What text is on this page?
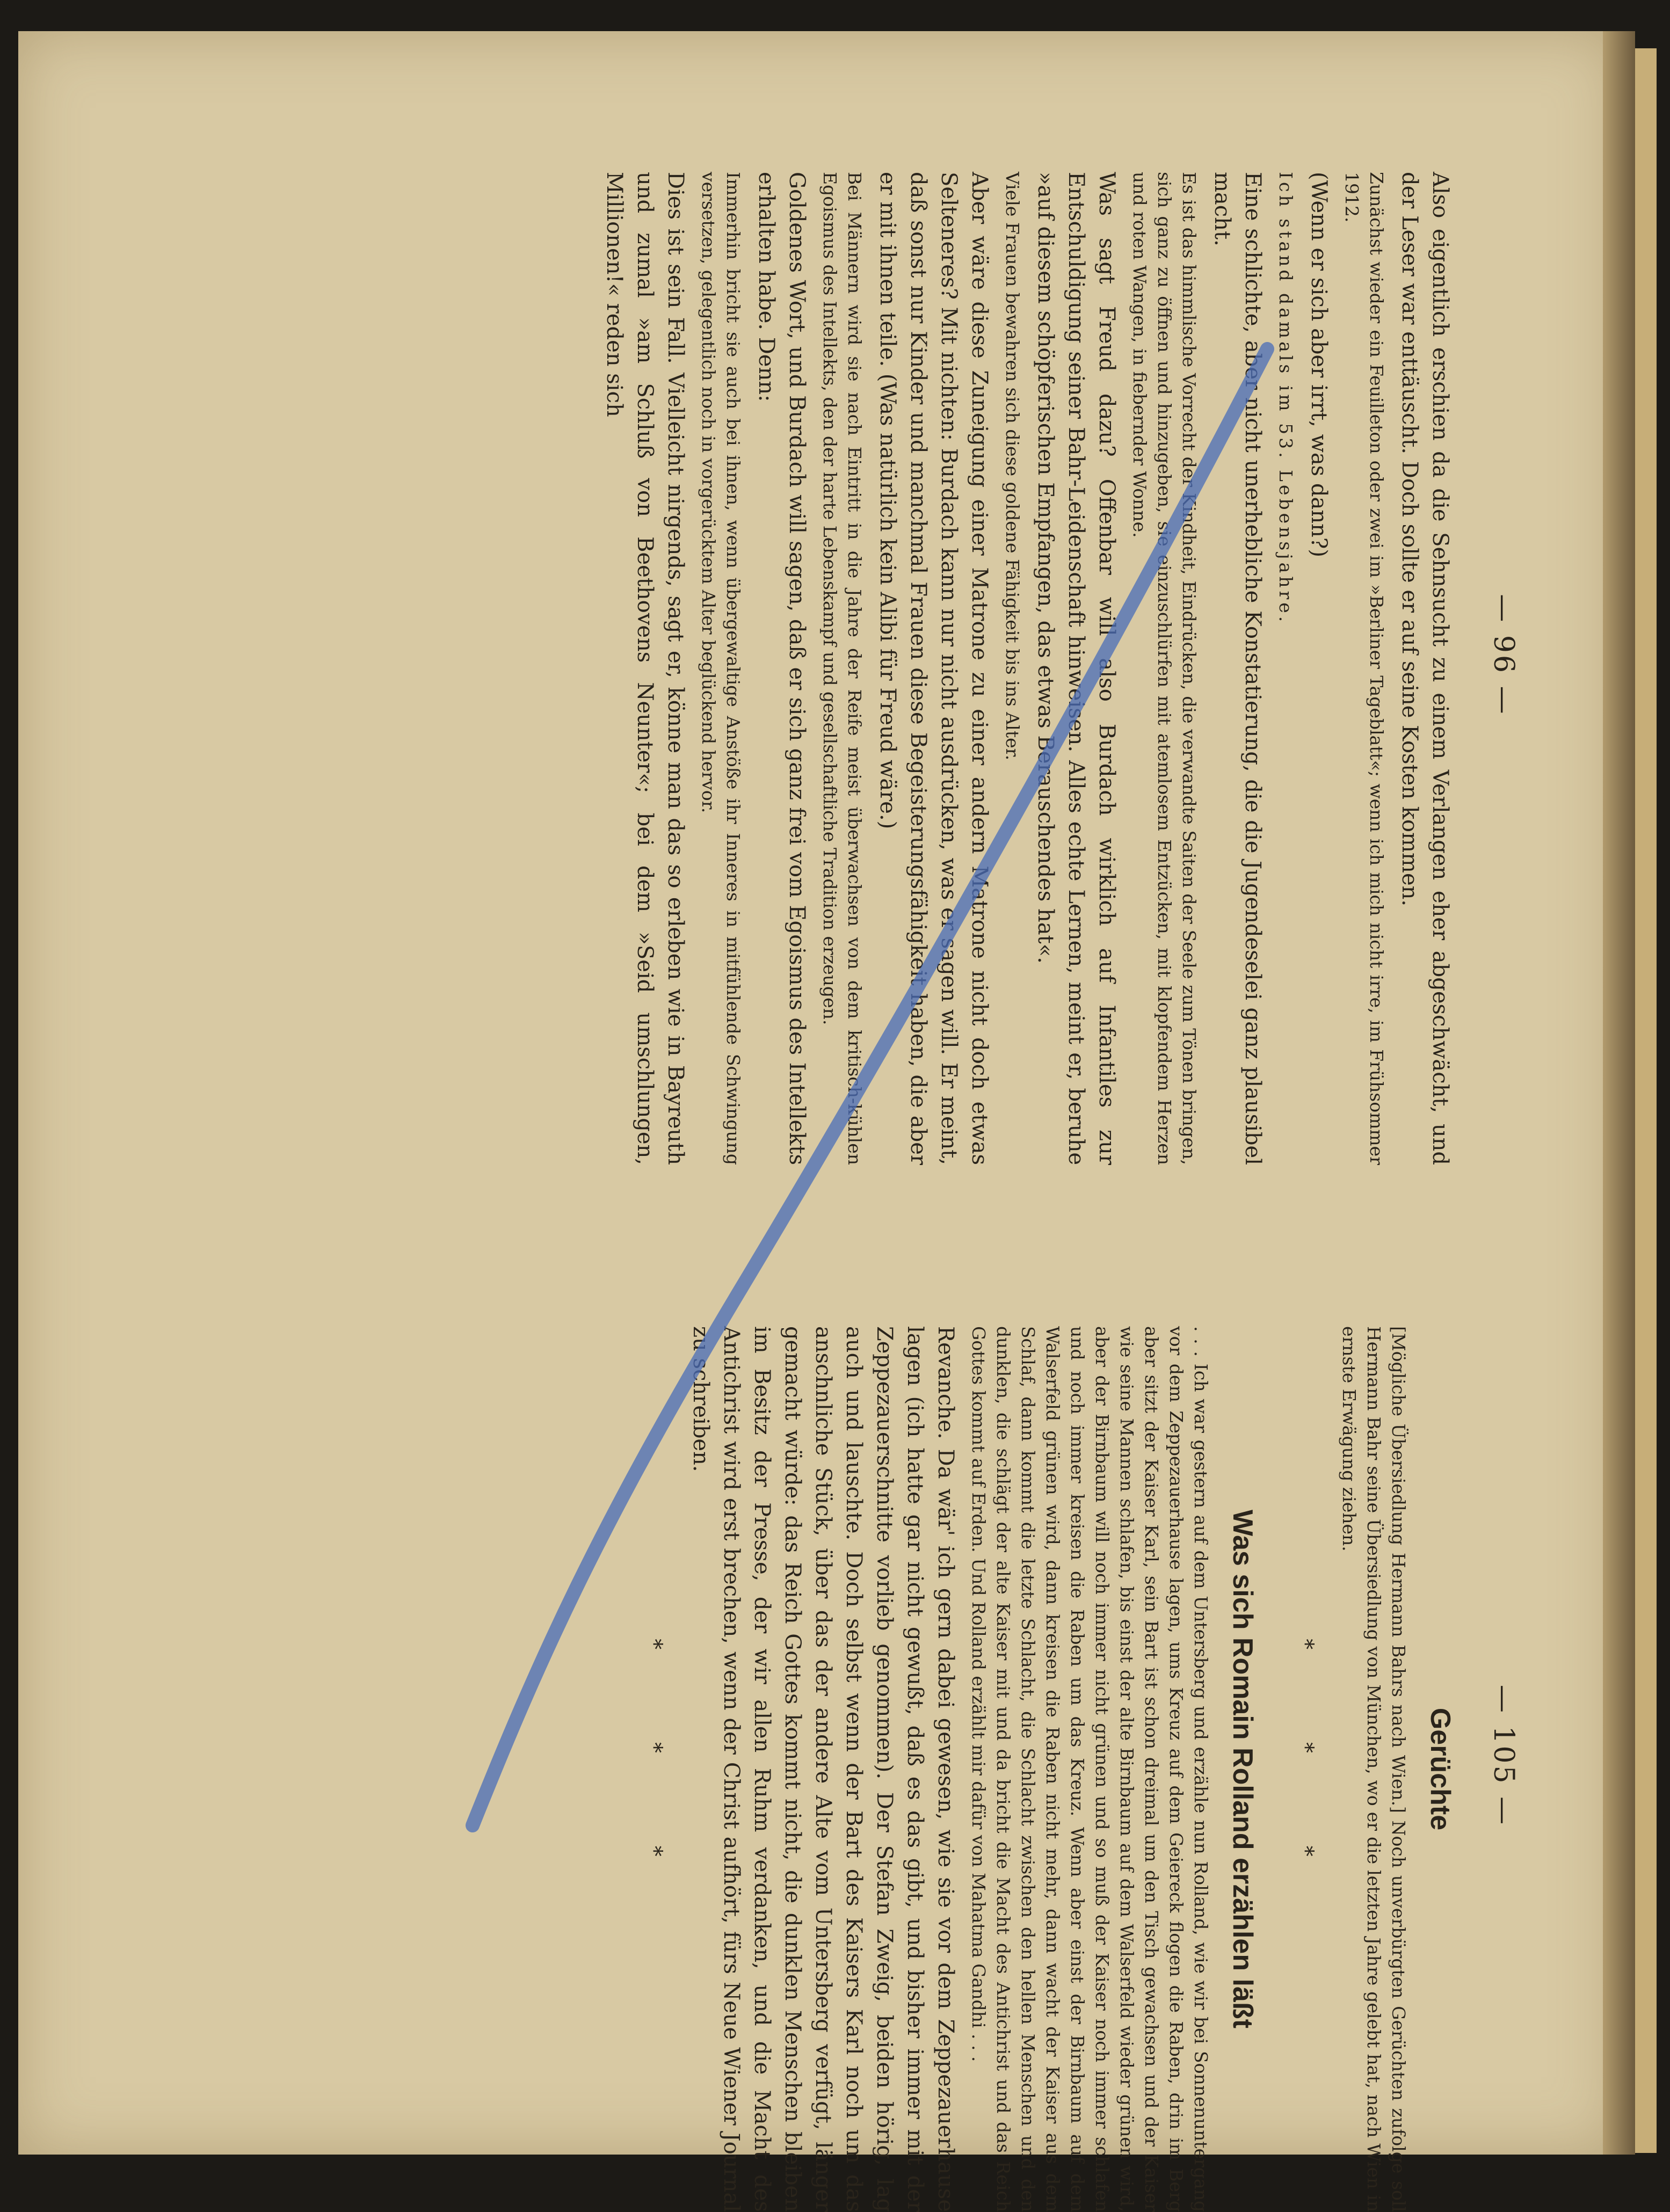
— 96 —

Also eigentlich erschien da die Sehnsucht zu einem Verlangen eher abgeschwächt, und der Leser war enttäuscht. Doch sollte er auf seine Kosten kommen.

Zunächst wieder ein Feuilleton oder zwei im »Berliner Tageblatt«; wenn ich mich nicht irre, im Frühsommer 1912.

(Wenn er sich aber irrt, was dann?)

Ich stand damals im 53. Lebensjahre.

Eine schlichte, aber nicht unerhebliche Konstatierung, die die Jugendeselei ganz plausibel macht.

Es ist das himmlische Vorrecht der Kindheit, Eindrücken, die verwandte Saiten der Seele zum Tönen bringen, sich ganz zu öffnen und hinzugeben, sie einzuschlürfen mit atemlosem Entzücken, mit klopfendem Herzen und roten Wangen, in fiebernder Wonne.

Was sagt Freud dazu? Offenbar will also Burdach wirklich auf Infantiles zur Entschuldigung seiner Bahr-Leidenschaft hinweisen. Alles echte Lernen, meint er, beruhe »auf diesem schöpferischen Empfangen, das etwas Berauschendes hat«.

Viele Frauen bewahren sich diese goldene Fähigkeit bis ins Alter.

Aber wäre diese Zuneigung einer Matrone zu einer andern Matrone nicht doch etwas Selteneres? Mit nichten: Burdach kann nur nicht ausdrücken, was er sagen will. Er meint, daß sonst nur Kinder und manchmal Frauen diese Begeisterungsfähigkeit haben, die aber er mit ihnen teile. (Was natürlich kein Alibi für Freud wäre.)

Bei Männern wird sie nach Eintritt in die Jahre der Reife meist überwachsen von dem kritisch-kühlen Egoismus des Intellekts, den der harte Lebenskampf und gesellschaftliche Tradition erzeugen.

Goldenes Wort, und Burdach will sagen, daß er sich ganz frei vom Egoismus des Intellekts erhalten habe. Denn:

Immerhin bricht sie auch bei ihnen, wenn übergewaltige Anstöße ihr Inneres in mitfühlende Schwingung versetzen, gelegentlich noch in vorgerücktem Alter beglückend hervor.

Dies ist sein Fall. Vielleicht nirgends, sagt er, könne man das so erleben wie in Bayreuth und zumal »am Schluß von Beethovens Neunter«; bei dem »Seid umschlungen, Millionen!« reden sich

— 105 —
Gerüchte

[Mögliche Übersiedlung Hermann Bahrs nach Wien.] Noch unverbürgten Gerüchten zufolge soll Hermann Bahr seine Übersiedlung von München, wo er die letzten Jahre gelebt hat, nach Wien in ernste Erwägung ziehen.

* * *
Was sich Romain Rolland erzählen läßt

. . . Ich war gestern auf dem Untersberg und erzähle nun Rolland, wie wir bei Sonnenuntergang vor dem Zeppezauerhause lagen, ums Kreuz auf dem Geiereck flogen die Raben, drin im Berg aber sitzt der Kaiser Karl, sein Bart ist schon dreimal um den Tisch gewachsen und der Kaiser wie seine Mannen schlafen, bis einst der alte Birnbaum auf dem Walserfeld wieder grünen wird, aber der Birnbaum will noch immer nicht grünen und so muß der Kaiser noch immer schlafen und noch immer kreisen die Raben um das Kreuz. Wenn aber einst der Birnbaum auf dem Walserfeld grünen wird, dann kreisen die Raben nicht mehr, dann wacht der Kaiser aus dem Schlaf, dann kommt die letzte Schlacht, die Schlacht zwischen den hellen Menschen und den dunklen, die schlägt der alte Kaiser mit und da bricht die Macht des Antichrist und das Reich Gottes kommt auf Erden. Und Rolland erzählt mir dafür von Mahatma Gandhi . . .

Revanche. Da wär' ich gern dabei gewesen, wie sie vor dem Zeppezauerhause lagen (ich hatte gar nicht gewußt, daß es das gibt, und bisher immer mit der Zeppezauerschnitte vorlieb genommen). Der Stefan Zweig, beiden hörig, lag auch und lauschte. Doch selbst wenn der Bart des Kaisers Karl noch um das anschnliche Stück, über das der andere Alte vom Untersberg verfügt, länger gemacht würde: das Reich Gottes kommt nicht, die dunklen Menschen bleiben im Besitz der Presse, der wir allen Ruhm verdanken, und die Macht des Antichrist wird erst brechen, wenn der Christ aufhört, fürs Neue Wiener Journal zu schreiben.

* * *
